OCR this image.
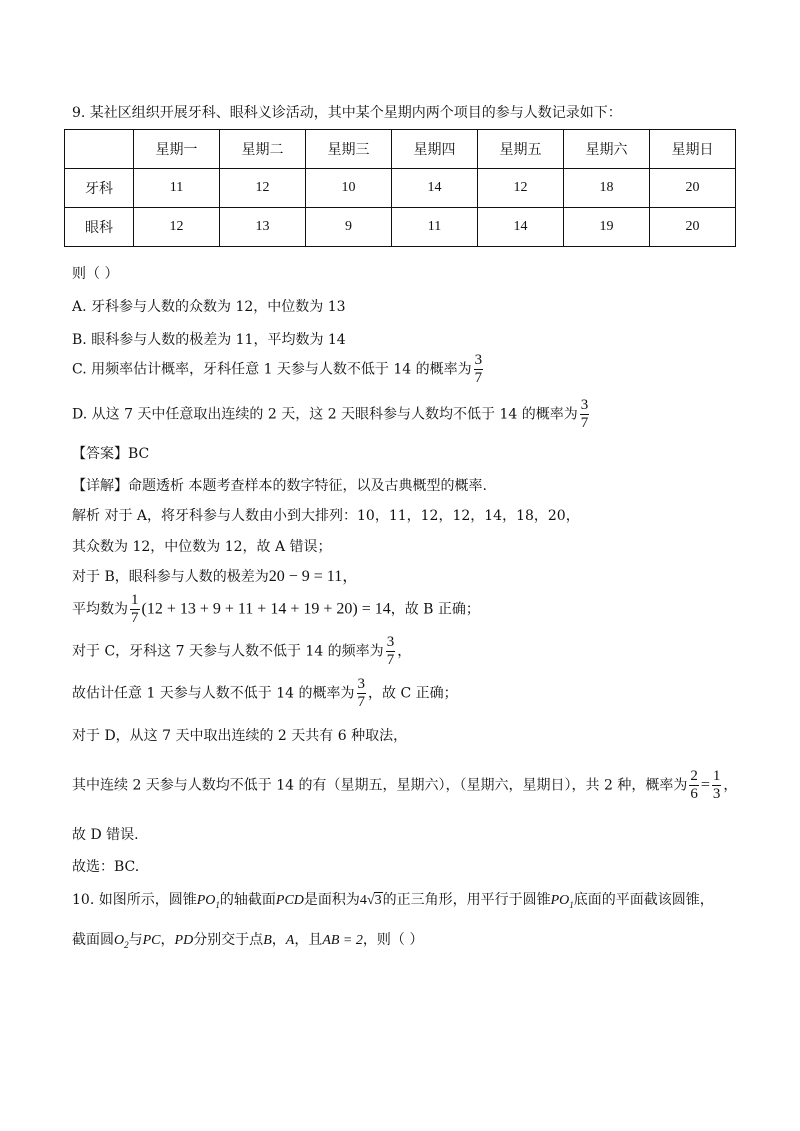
9. 某社区组织开展牙科、眼科义诊活动，其中某个星期内两个项目的参与人数记录如下：
	星期一	星期二	星期三	星期四	星期五	星期六	星期日
牙科	11	12	10	14	12	18	20
眼科	12	13	9	11	14	19	20
则（ ）
A. 牙科参与人数的众数为 12，中位数为 13
B. 眼科参与人数的极差为 11，平均数为 14
C. 用频率估计概率，牙科任意 1 天参与人数不低于 14 的概率为 $\frac{3}{7}$
D. 从这 7 天中任意取出连续的 2 天，这 2 天眼科参与人数均不低于 14 的概率为 $\frac{3}{7}$
【答案】BC
【详解】命题透析 本题考查样本的数字特征，以及古典概型的概率.
解析 对于 A，将牙科参与人数由小到大排列：10，11，12，12，14，18，20，
其众数为 12，中位数为 12，故 A 错误；
对于 B，眼科参与人数的极差为20 − 9 = 11，
平均数为 $\frac{1}{7} (12 + 13 + 9 + 11 + 14 + 19 + 20) = 14$，故 B 正确；
对于 C，牙科这 7 天参与人数不低于 14 的频率为 $\frac{3}{7}$ ，
故估计任意 1 天参与人数不低于 14 的概率为 $\frac{3}{7}$ ，故 C 正确；
对于 D，从这 7 天中取出连续的 2 天共有 6 种取法，
其中连续 2 天参与人数均不低于 14 的有（星期五，星期六），（星期六，星期日），共 2 种，概率为 $\frac{2}{6} = \frac{1}{3}$ ，
故 D 错误.
故选：BC.
10. 如图所示，圆锥$PO_1$的轴截面PCD是面积为4√3的正三角形，用平行于圆锥$PO_1$底面的平面截该圆锥，
截面圆$O_2$与PC，PD分别交于点B，A，且AB = 2，则（ ）
